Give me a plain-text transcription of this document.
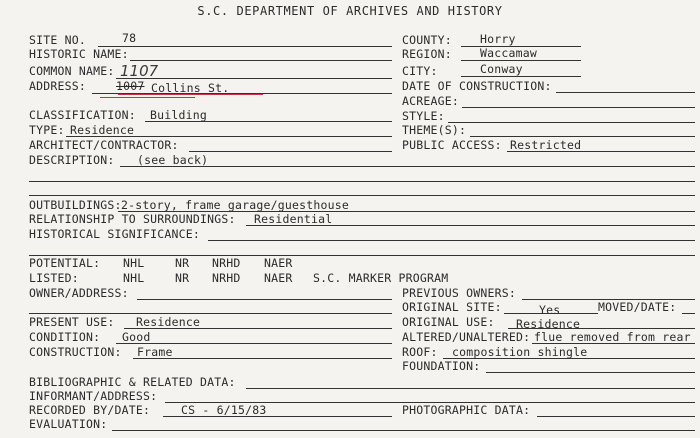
S.C. DEPARTMENT OF ARCHIVES AND HISTORY
SITE NO.	78
HISTORIC NAME:
COMMON NAME: 1107
ADDRESS:	1007 Collins St.
CLASSIFICATION: Building
TYPE: Residence
ARCHITECT/CONTRACTOR:
DESCRIPTION: (see back)
COUNTY: Horry
REGION: Waccamaw
CITY:	Conway
DATE OF CONSTRUCTION:
ACREAGE:
STYLE:
THEME(S):
PUBLIC ACCESS: Restricted
OUTBUILDINGS: 2-story, frame garage/guesthouse
RELATIONSHIP TO SURROUNDINGS: Residential
HISTORICAL SIGNIFICANCE:
POTENTIAL: NHL	NR NRHD NAER
LISTED:	NHL	NR NRHD NAER S.C. MARKER PROGRAM
OWNER/ADDRESS:	PREVIOUS OWNERS:
ORIGINAL SITE:	Yes	MOVED/DATE:
PRESENT USE: Residence
CONDITION: Good
CONSTRUCTION: Frame
ORIGINAL USE: Residence
ALTERED/UNALTERED: flue removed from rear
ROOF: composition shingle
FOUNDATION:
BIBLIOGRAPHIC & RELATED DATA:
INFORMANT/ADDRESS:
RECORDED BY/DATE:	CS - 6/15/83	PHOTOGRAPHIC DATA:
EVALUATION:
